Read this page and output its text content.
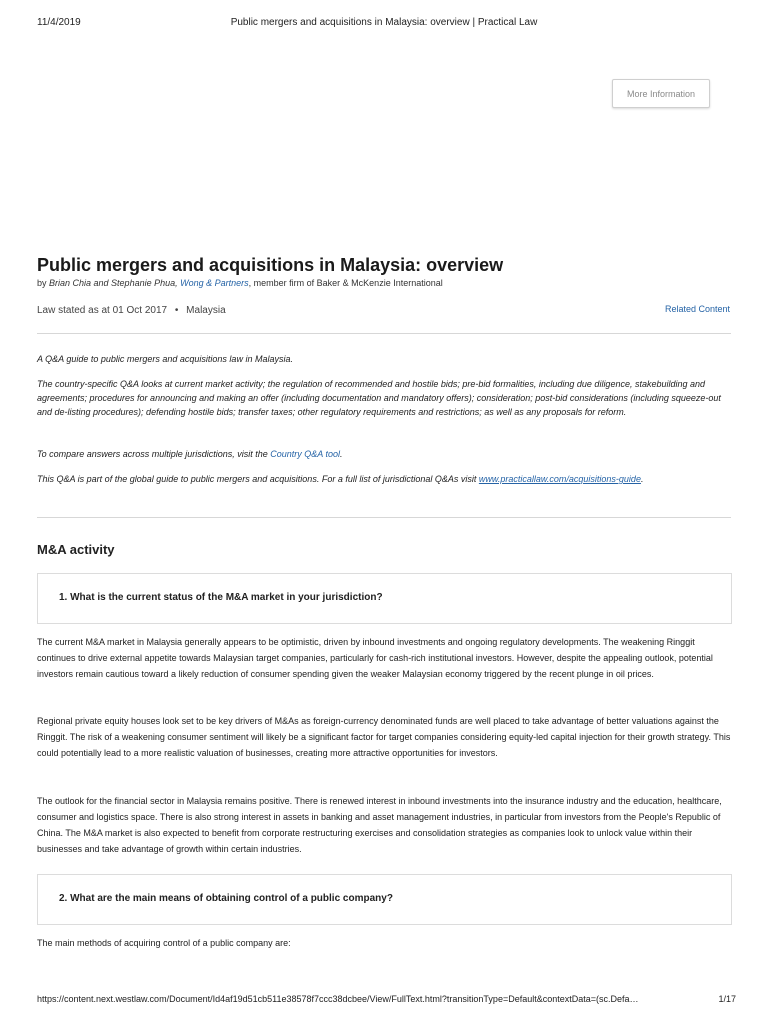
11/4/2019	Public mergers and acquisitions in Malaysia: overview | Practical Law
More Information
Public mergers and acquisitions in Malaysia: overview
by Brian Chia and Stephanie Phua, Wong & Partners, member firm of Baker & McKenzie International
Law stated as at 01 Oct 2017 • Malaysia	Related Content

A Q&A guide to public mergers and acquisitions law in Malaysia.

The country-specific Q&A looks at current market activity; the regulation of recommended and hostile bids; pre-bid formalities, including due diligence, stakebuilding and agreements; procedures for announcing and making an offer (including documentation and mandatory offers); consideration; post-bid considerations (including squeeze-out and de-listing procedures); defending hostile bids; transfer taxes; other regulatory requirements and restrictions; as well as any proposals for reform.

To compare answers across multiple jurisdictions, visit the Country Q&A tool.

This Q&A is part of the global guide to public mergers and acquisitions. For a full list of jurisdictional Q&As visit www.practicallaw.com/acquisitions-guide.

M&A activity
1. What is the current status of the M&A market in your jurisdiction?

The current M&A market in Malaysia generally appears to be optimistic, driven by inbound investments and ongoing regulatory developments. The weakening Ringgit continues to drive external appetite towards Malaysian target companies, particularly for cash-rich institutional investors. However, despite the appealing outlook, potential investors remain cautious toward a likely reduction of consumer spending given the weaker Malaysian economy triggered by the recent plunge in oil prices.

Regional private equity houses look set to be key drivers of M&As as foreign-currency denominated funds are well placed to take advantage of better valuations against the Ringgit. The risk of a weakening consumer sentiment will likely be a significant factor for target companies considering equity-led capital injection for their growth strategy. This could potentially lead to a more realistic valuation of businesses, creating more attractive opportunities for investors.

The outlook for the financial sector in Malaysia remains positive. There is renewed interest in inbound investments into the insurance industry and the education, healthcare, consumer and logistics space. There is also strong interest in assets in banking and asset management industries, in particular from investors from the People's Republic of China. The M&A market is also expected to benefit from corporate restructuring exercises and consolidation strategies as companies look to unlock value within their businesses and take advantage of growth within certain industries.

2. What are the main means of obtaining control of a public company?

The main methods of acquiring control of a public company are:

https://content.next.westlaw.com/Document/Id4af19d51cb511e38578f7ccc38dcbee/View/FullText.html?transitionType=Default&contextData=(sc.Defa…	1/17
